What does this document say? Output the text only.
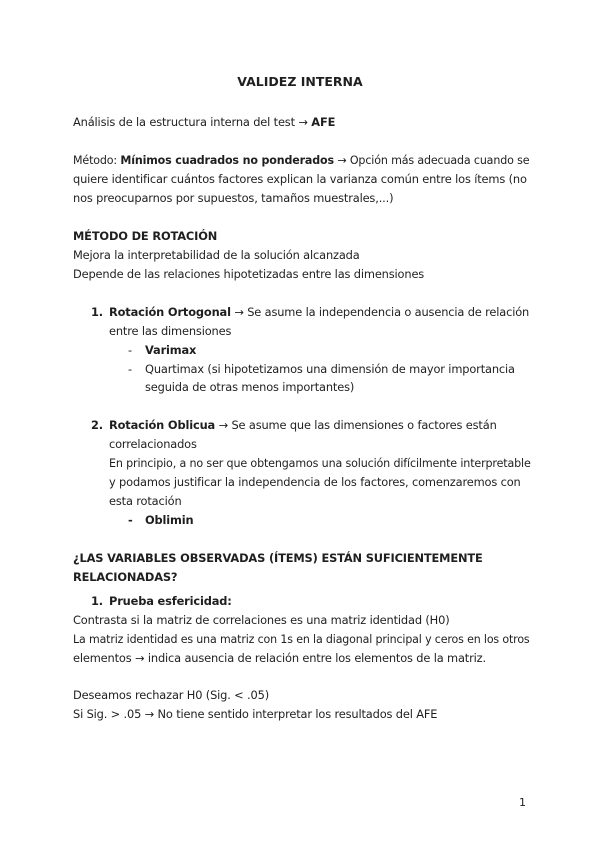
VALIDEZ INTERNA
Análisis de la estructura interna del test → AFE
Método: Mínimos cuadrados no ponderados → Opción más adecuada cuando se
quiere identificar cuántos factores explican la varianza común entre los ítems (no
nos preocuparnos por supuestos, tamaños muestrales,...)
MÉTODO DE ROTACIÓN
Mejora la interpretabilidad de la solución alcanzada
Depende de las relaciones hipotetizadas entre las dimensiones
1. Rotación Ortogonal → Se asume la independencia o ausencia de relación
entre las dimensiones
- Varimax
- Quartimax (si hipotetizamos una dimensión de mayor importancia
seguida de otras menos importantes)
2. Rotación Oblicua → Se asume que las dimensiones o factores están
correlacionados
En principio, a no ser que obtengamos una solución difícilmente interpretable
y podamos justificar la independencia de los factores, comenzaremos con
esta rotación
- Oblimin
¿LAS VARIABLES OBSERVADAS (ÍTEMS) ESTÁN SUFICIENTEMENTE
RELACIONADAS?
1. Prueba esfericidad:
Contrasta si la matriz de correlaciones es una matriz identidad (H0)
La matriz identidad es una matriz con 1s en la diagonal principal y ceros en los otros
elementos → indica ausencia de relación entre los elementos de la matriz.
Deseamos rechazar H0 (Sig. < .05)
Si Sig. > .05 → No tiene sentido interpretar los resultados del AFE
1
